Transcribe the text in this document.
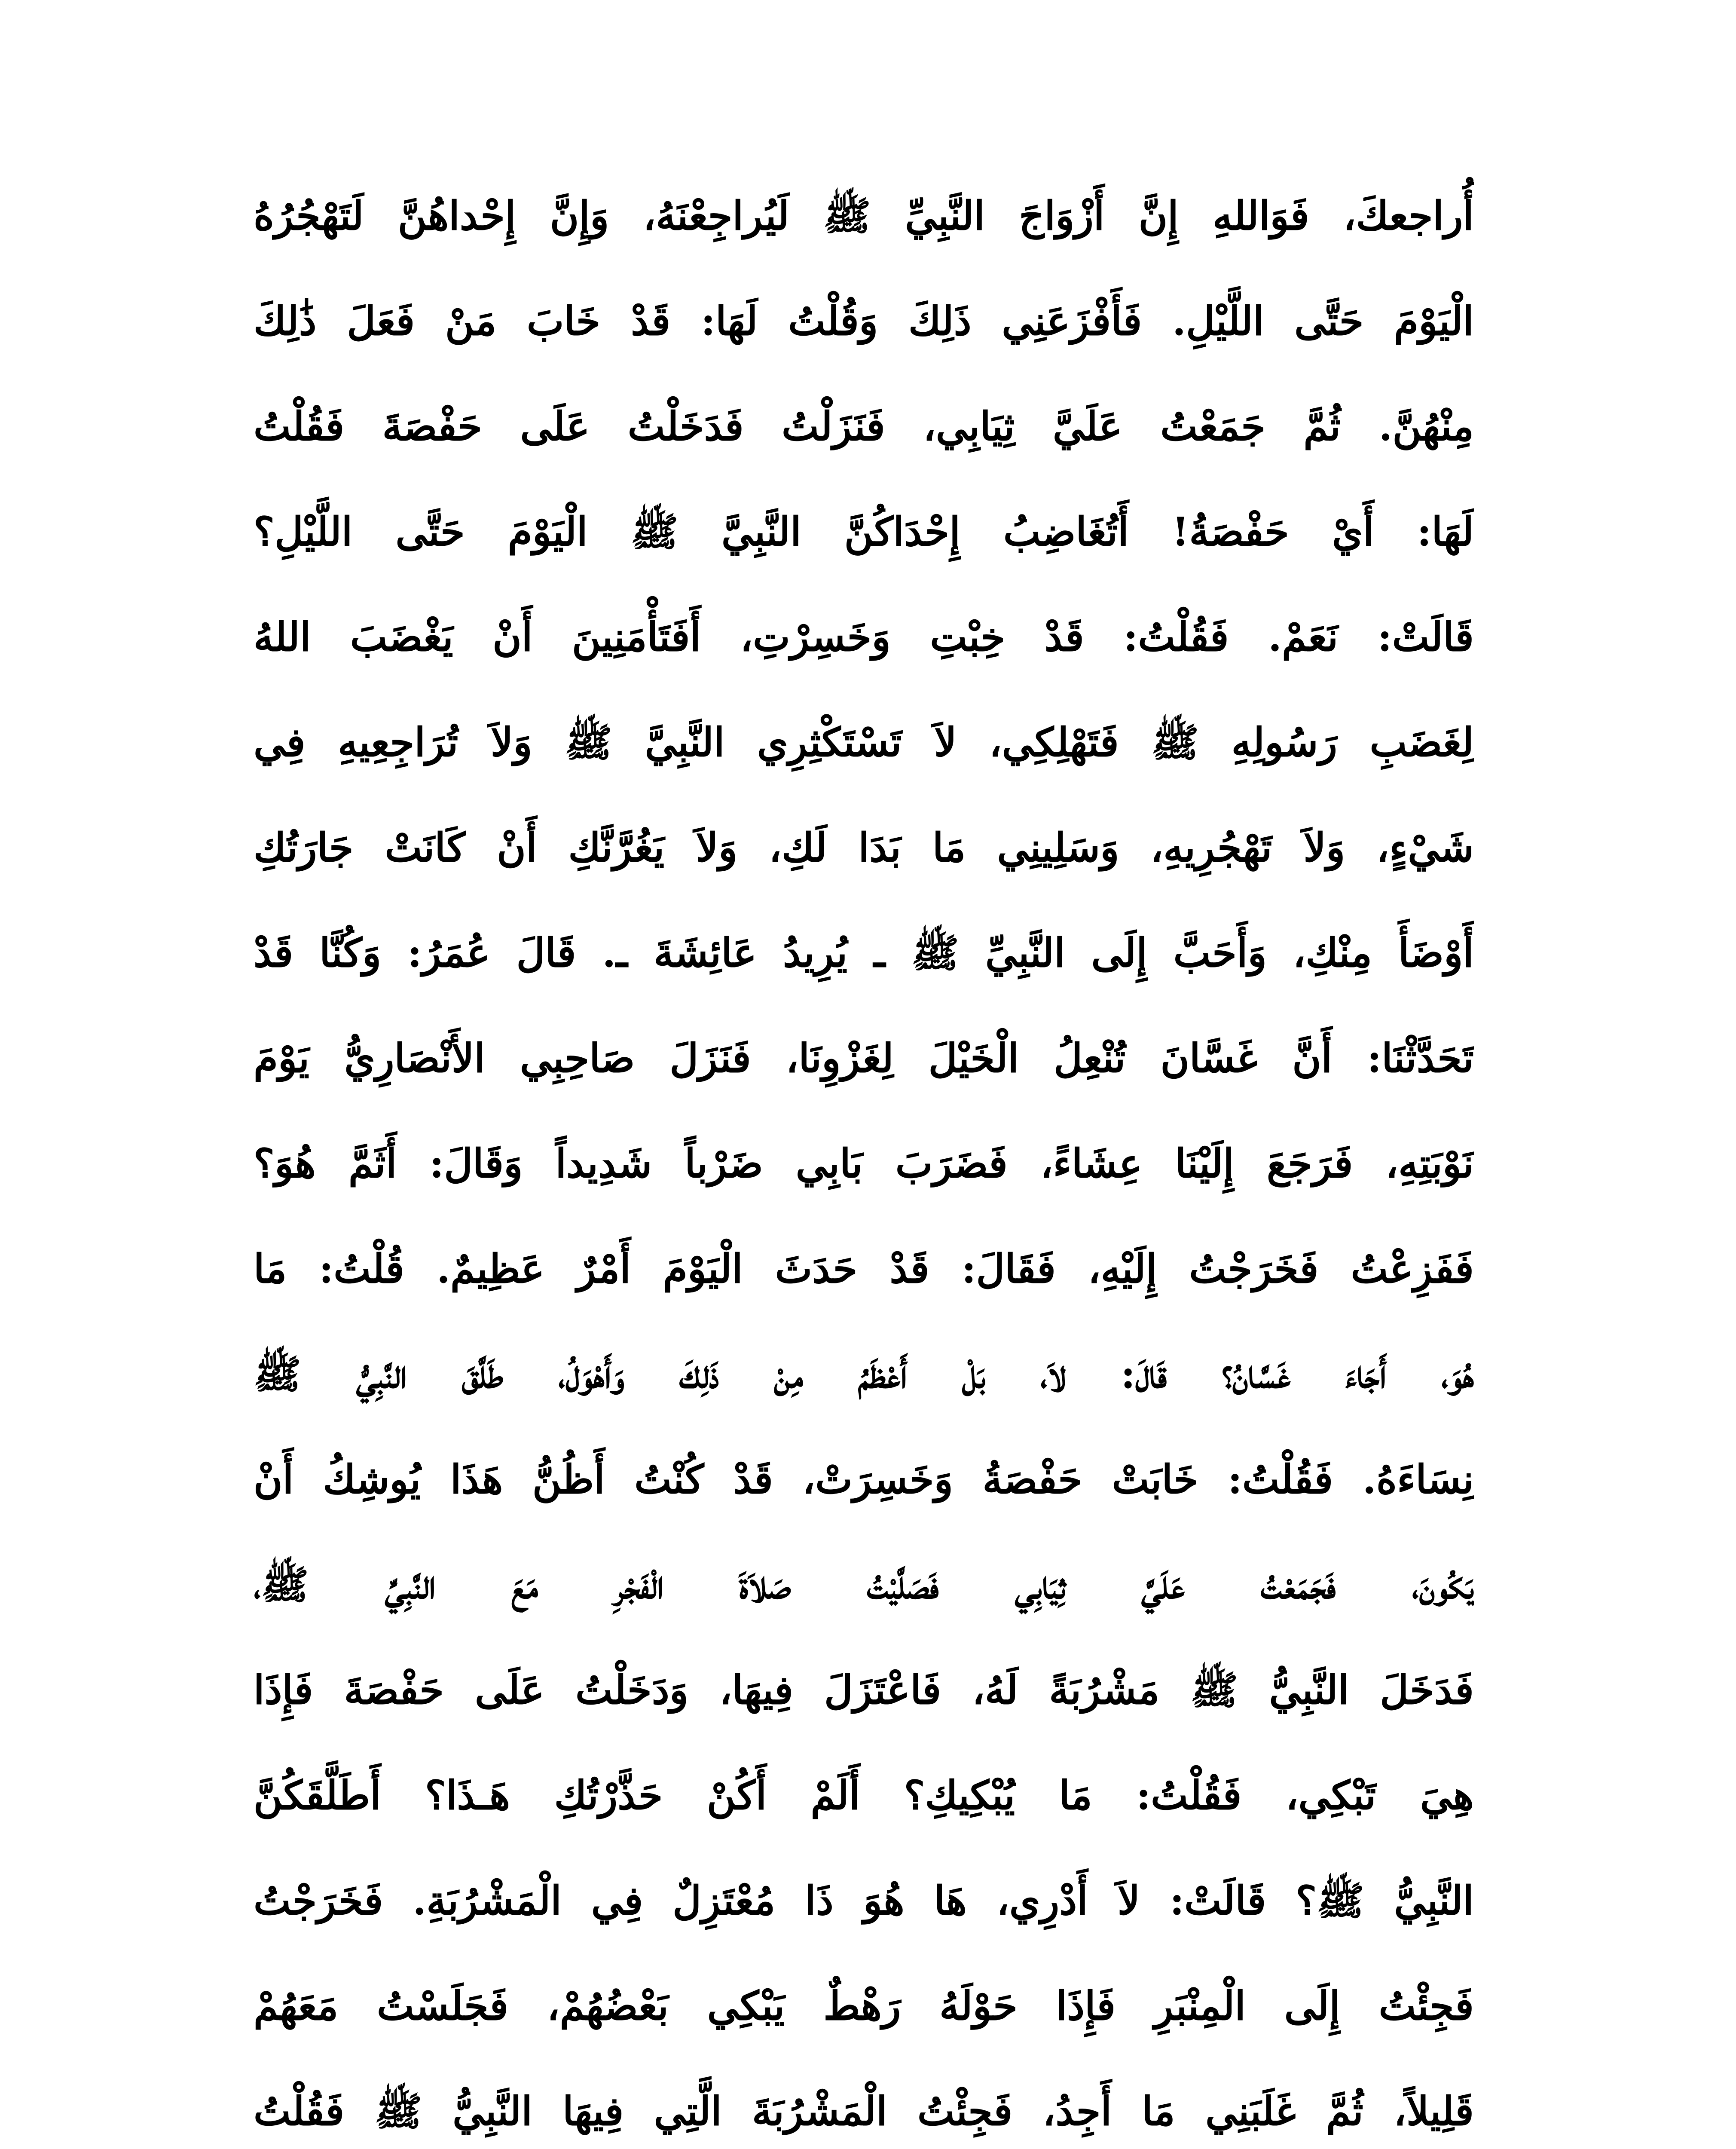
أُراجعكَ، فَوَاللهِ إِنَّ أَزْوَاجَ النَّبِيِّ ﷺ لَيُراجِعْنَهُ، وَإِنَّ إِحْداهُنَّ لَتَهْجُرُهُ
الْيَوْمَ حَتَّى اللَّيْلِ. فَأَفْزَعَنِي ذَلِكَ وَقُلْتُ لَهَا: قَدْ خَابَ مَنْ فَعَلَ ذَٰلِكَ
مِنْهُنَّ. ثُمَّ جَمَعْتُ عَلَيَّ ثِيَابِي، فَنَزَلْتُ فَدَخَلْتُ عَلَى حَفْصَةَ فَقُلْتُ
لَهَا: أَيْ حَفْصَةُ! أَتُغَاضِبُ إِحْدَاكُنَّ النَّبِيَّ ﷺ الْيَوْمَ حَتَّى اللَّيْلِ؟
قَالَتْ: نَعَمْ. فَقُلْتُ: قَدْ خِبْتِ وَخَسِرْتِ، أَفَتَأْمَنِينَ أَنْ يَغْضَبَ اللهُ
لِغَضَبِ رَسُولِهِ ﷺ فَتَهْلِكِي، لاَ تَسْتَكْثِرِي النَّبِيَّ ﷺ وَلاَ تُرَاجِعِيهِ فِي
شَيْءٍ، وَلاَ تَهْجُرِيهِ، وَسَلِينِي مَا بَدَا لَكِ، وَلاَ يَغُرَّنَّكِ أَنْ كَانَتْ جَارَتُكِ
أَوْضَأَ مِنْكِ، وَأَحَبَّ إِلَى النَّبِيِّ ﷺ ـ يُرِيدُ عَائِشَةَ ـ. قَالَ عُمَرُ: وَكُنَّا قَدْ
تَحَدَّثْنَا: أَنَّ غَسَّانَ تُنْعِلُ الْخَيْلَ لِغَزْوِنَا، فَنَزَلَ صَاحِبِي الأَنْصَارِيُّ يَوْمَ
نَوْبَتِهِ، فَرَجَعَ إِلَيْنَا عِشَاءً، فَضَرَبَ بَابِي ضَرْباً شَدِيداً وَقَالَ: أَثَمَّ هُوَ؟
فَفَزِعْتُ فَخَرَجْتُ إِلَيْهِ، فَقَالَ: قَدْ حَدَثَ الْيَوْمَ أَمْرٌ عَظِيمٌ. قُلْتُ: مَا
هُوَ، أَجَاءَ غَسَّانُ؟ قَالَ: لاَ، بَلْ أَعْظَمُ مِنْ ذَلِكَ وَأَهْوَلُ، طَلَّقَ النَّبِيُّ ﷺ
نِسَاءَهُ. فَقُلْتُ: خَابَتْ حَفْصَةُ وَخَسِرَتْ، قَدْ كُنْتُ أَظُنُّ هَذَا يُوشِكُ أَنْ
يَكُونَ، فَجَمَعْتُ عَلَيَّ ثِيَابِي فَصَلَّيْتُ صَلاَةَ الْفَجْرِ مَعَ النَّبِيِّ ﷺ،
فَدَخَلَ النَّبِيُّ ﷺ مَشْرُبَةً لَهُ، فَاعْتَزَلَ فِيهَا، وَدَخَلْتُ عَلَى حَفْصَةَ فَإِذَا
هِيَ تَبْكِي، فَقُلْتُ: مَا يُبْكِيكِ؟ أَلَمْ أَكُنْ حَذَّرْتُكِ هَـذَا؟ أَطَلَّقَكُنَّ
النَّبِيُّ ﷺ؟ قَالَتْ: لاَ أَدْرِي، هَا هُوَ ذَا مُعْتَزِلٌ فِي الْمَشْرُبَةِ. فَخَرَجْتُ
فَجِئْتُ إِلَى الْمِنْبَرِ فَإِذَا حَوْلَهُ رَهْطٌ يَبْكِي بَعْضُهُمْ، فَجَلَسْتُ مَعَهُمْ
قَلِيلاً، ثُمَّ غَلَبَنِي مَا أَجِدُ، فَجِئْتُ الْمَشْرُبَةَ الَّتِي فِيهَا النَّبِيُّ ﷺ فَقُلْتُ
